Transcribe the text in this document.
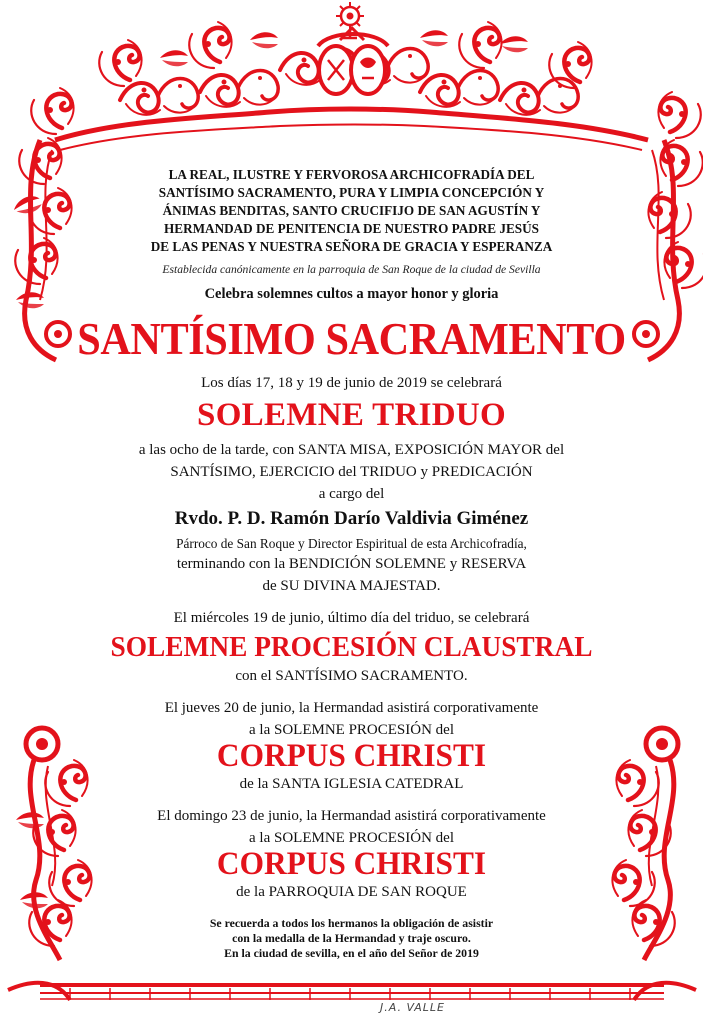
LA REAL, ILUSTRE Y FERVOROSA ARCHICOFRADÍA DEL
SANTÍSIMO SACRAMENTO, PURA Y LIMPIA CONCEPCIÓN Y
ÁNIMAS BENDITAS, SANTO CRUCIFIJO DE SAN AGUSTÍN Y
HERMANDAD DE PENITENCIA DE NUESTRO PADRE JESÚS
DE LAS PENAS Y NUESTRA SEÑORA DE GRACIA Y ESPERANZA
Establecida canónicamente en la parroquia de San Roque de la ciudad de Sevilla
Celebra solemnes cultos a mayor honor y gloria
SANTÍSIMO SACRAMENTO
Los días 17, 18 y 19 de junio de 2019 se celebrará
SOLEMNE TRIDUO
a las ocho de la tarde, con SANTA MISA, EXPOSICIÓN MAYOR del
SANTÍSIMO, EJERCICIO del TRIDUO y PREDICACIÓN
a cargo del
Rvdo. P. D. Ramón Darío Valdivia Giménez
Párroco de San Roque y Director Espiritual de esta Archicofradía,
terminando con la BENDICIÓN SOLEMNE y RESERVA
de SU DIVINA MAJESTAD.
El miércoles 19 de junio, último día del triduo, se celebrará
SOLEMNE PROCESIÓN CLAUSTRAL
con el SANTÍSIMO SACRAMENTO.
El jueves 20 de junio, la Hermandad asistirá corporativamente
a la SOLEMNE PROCESIÓN del
CORPUS CHRISTI
de la SANTA IGLESIA CATEDRAL
El domingo 23 de junio, la Hermandad asistirá corporativamente
a la SOLEMNE PROCESIÓN del
CORPUS CHRISTI
de la PARROQUIA DE SAN ROQUE
Se recuerda a todos los hermanos la obligación de asistir
con la medalla de la Hermandad y traje oscuro.
En la ciudad de sevilla, en el año del Señor de 2019
J.A. VALLE
